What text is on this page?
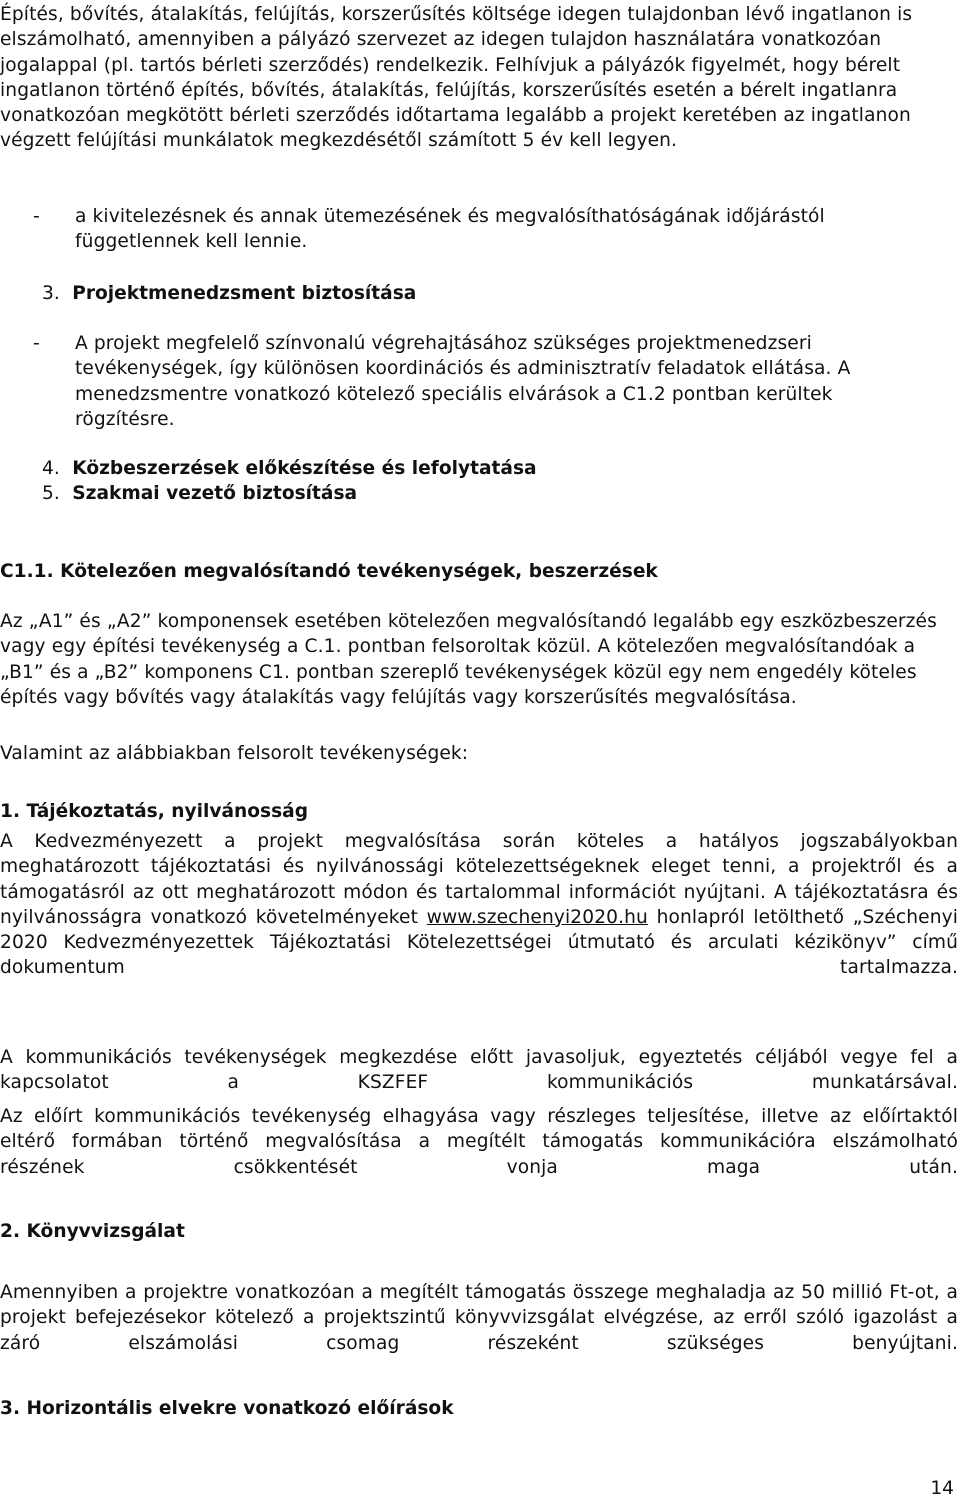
Építés, bővítés, átalakítás, felújítás, korszerűsítés költsége idegen tulajdonban lévő ingatlanon is elszámolható, amennyiben a pályázó szervezet az idegen tulajdon használatára vonatkozóan jogalappal (pl. tartós bérleti szerződés) rendelkezik. Felhívjuk a pályázók figyelmét, hogy bérelt ingatlanon történő építés, bővítés, átalakítás, felújítás, korszerűsítés esetén a bérelt ingatlanra vonatkozóan megkötött bérleti szerződés időtartama legalább a projekt keretében az ingatlanon végzett felújítási munkálatok megkezdésétől számított 5 év kell legyen.

- a kivitelezésnek és annak ütemezésének és megvalósíthatóságának időjárástól függetlennek kell lennie.

3. Projektmenedzsment biztosítása
- A projekt megfelelő színvonalú végrehajtásához szükséges projektmenedzseri tevékenységek, így különösen koordinációs és adminisztratív feladatok ellátása. A menedzsmentre vonatkozó kötelező speciális elvárások a C1.2 pontban kerültek rögzítésre.

4. Közbeszerzések előkészítése és lefolytatása
5. Szakmai vezető biztosítása
C1.1. Kötelezően megvalósítandó tevékenységek, beszerzések

Az „A1” és „A2” komponensek esetében kötelezően megvalósítandó legalább egy eszközbeszerzés vagy egy építési tevékenység a C.1. pontban felsoroltak közül. A kötelezően megvalósítandóak a „B1” és a „B2” komponens C1. pontban szereplő tevékenységek közül egy nem engedély köteles építés vagy bővítés vagy átalakítás vagy felújítás vagy korszerűsítés megvalósítása.

Valamint az alábbiakban felsorolt tevékenységek:

1. Tájékoztatás, nyilvánosság

A Kedvezményezett a projekt megvalósítása során köteles a hatályos jogszabályokban meghatározott tájékoztatási és nyilvánossági kötelezettségeknek eleget tenni, a projektről és a támogatásról az ott meghatározott módon és tartalommal információt nyújtani. A tájékoztatásra és nyilvánosságra vonatkozó követelményeket www.szechenyi2020.hu honlapról letölthető „Széchenyi 2020 Kedvezményezettek Tájékoztatási Kötelezettségei útmutató és arculati kézikönyv” című dokumentum tartalmazza.

A kommunikációs tevékenységek megkezdése előtt javasoljuk, egyeztetés céljából vegye fel a kapcsolatot a KSZFEF kommunikációs munkatársával.

Az előírt kommunikációs tevékenység elhagyása vagy részleges teljesítése, illetve az előírtaktól eltérő formában történő megvalósítása a megítélt támogatás kommunikációra elszámolható részének csökkentését vonja maga után.

2. Könyvvizsgálat

Amennyiben a projektre vonatkozóan a megítélt támogatás összege meghaladja az 50 millió Ft-ot, a projekt befejezésekor kötelező a projektszintű könyvvizsgálat elvégzése, az erről szóló igazolást a záró elszámolási csomag részeként szükséges benyújtani.

3. Horizontális elvekre vonatkozó előírások
14
